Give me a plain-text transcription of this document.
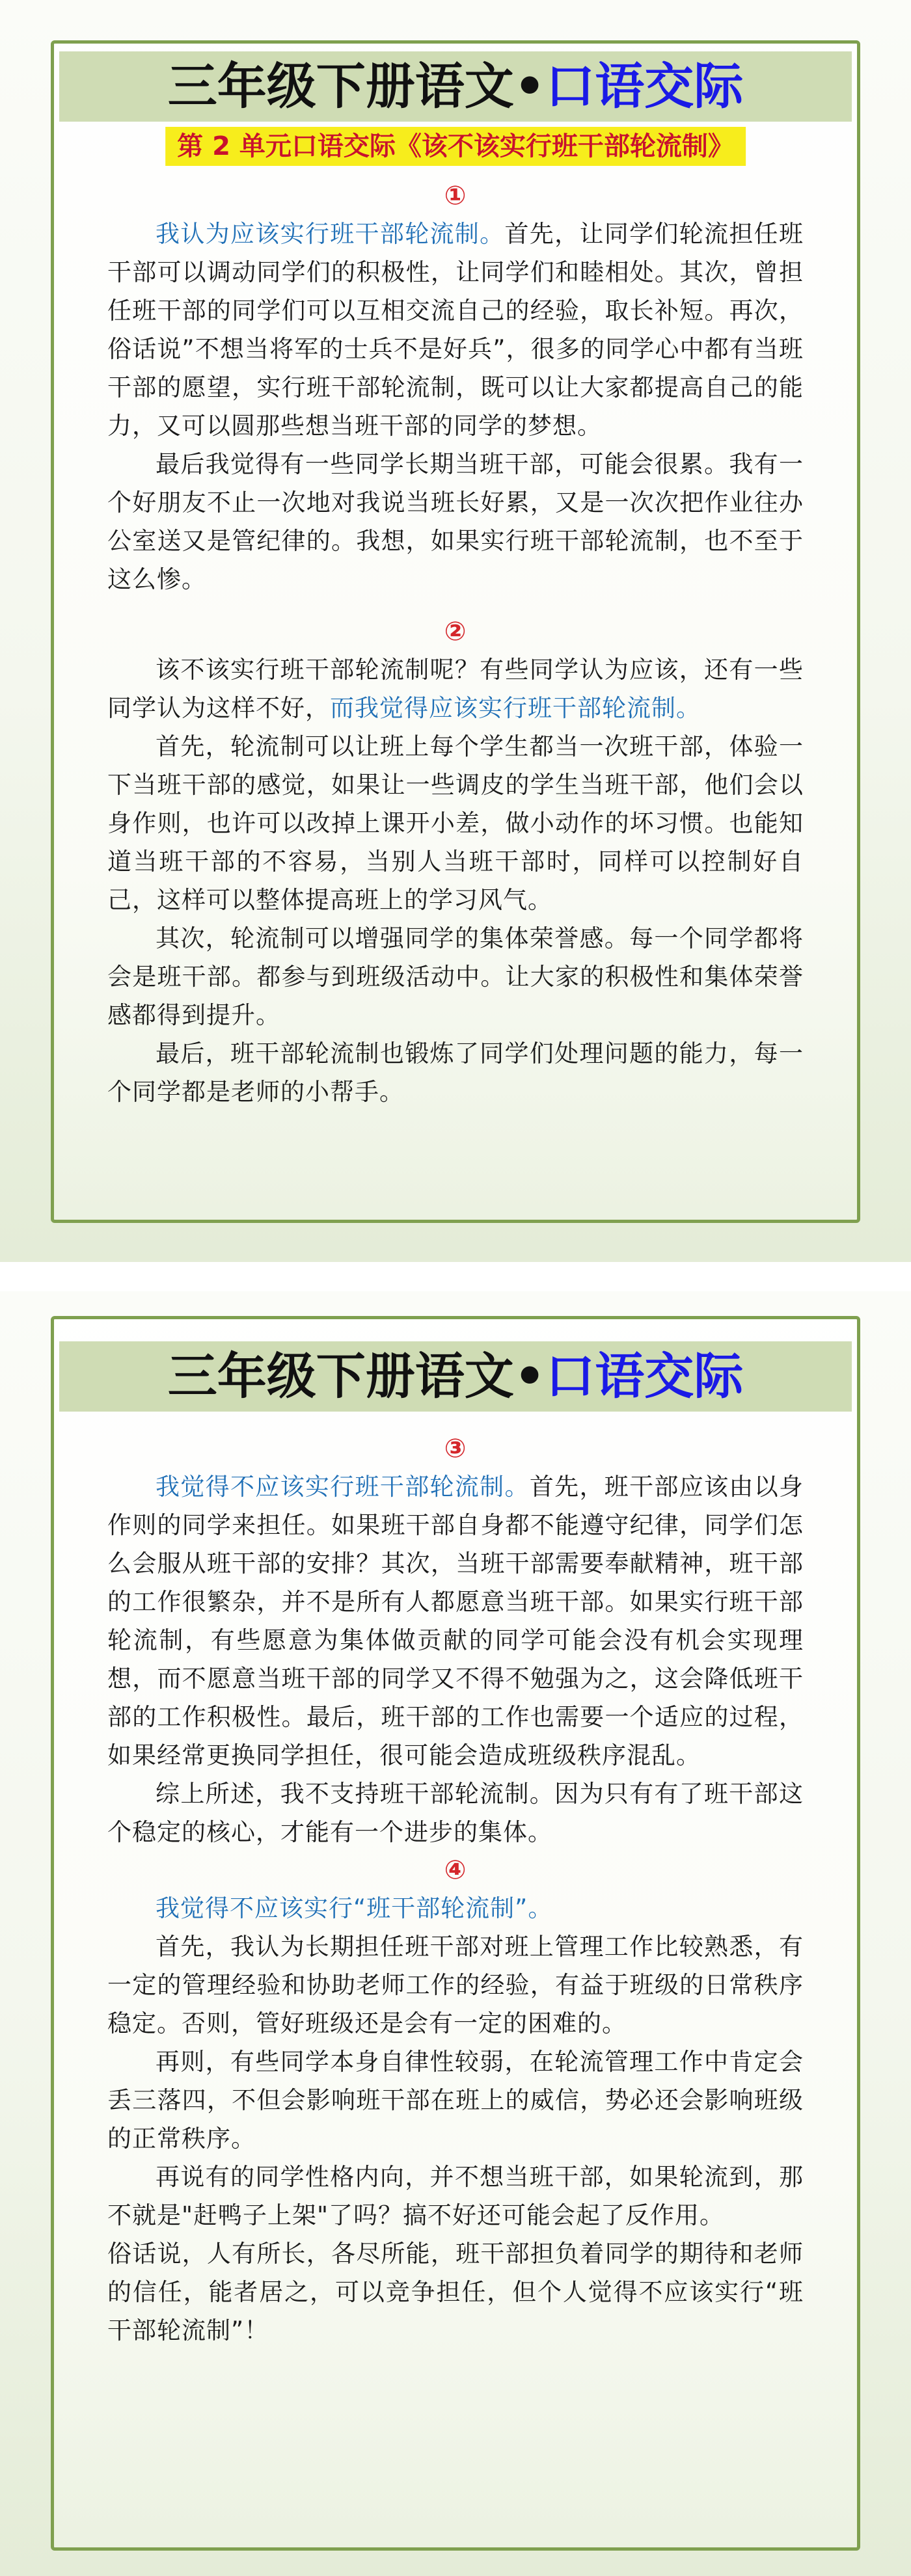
三年级下册语文•口语交际
第 2 单元口语交际《该不该实行班干部轮流制》
①

我认为应该实行班干部轮流制。首先，让同学们轮流担任班干部可以调动同学们的积极性，让同学们和睦相处。其次，曾担任班干部的同学们可以互相交流自己的经验，取长补短。再次，俗话说”不想当将军的士兵不是好兵”，很多的同学心中都有当班干部的愿望，实行班干部轮流制，既可以让大家都提高自己的能力，又可以圆那些想当班干部的同学的梦想。

最后我觉得有一些同学长期当班干部，可能会很累。我有一个好朋友不止一次地对我说当班长好累，又是一次次把作业往办公室送又是管纪律的。我想，如果实行班干部轮流制，也不至于这么惨。

②

该不该实行班干部轮流制呢？有些同学认为应该，还有一些同学认为这样不好，而我觉得应该实行班干部轮流制。

首先，轮流制可以让班上每个学生都当一次班干部，体验一下当班干部的感觉，如果让一些调皮的学生当班干部，他们会以身作则，也许可以改掉上课开小差，做小动作的坏习惯。也能知道当班干部的不容易，当别人当班干部时，同样可以控制好自己，这样可以整体提高班上的学习风气。

其次，轮流制可以增强同学的集体荣誉感。每一个同学都将会是班干部。都参与到班级活动中。让大家的积极性和集体荣誉感都得到提升。

最后，班干部轮流制也锻炼了同学们处理问题的能力，每一个同学都是老师的小帮手。

三年级下册语文•口语交际
③

我觉得不应该实行班干部轮流制。首先，班干部应该由以身作则的同学来担任。如果班干部自身都不能遵守纪律，同学们怎么会服从班干部的安排？其次，当班干部需要奉献精神，班干部的工作很繁杂，并不是所有人都愿意当班干部。如果实行班干部轮流制，有些愿意为集体做贡献的同学可能会没有机会实现理想，而不愿意当班干部的同学又不得不勉强为之，这会降低班干部的工作积极性。最后，班干部的工作也需要一个适应的过程，如果经常更换同学担任，很可能会造成班级秩序混乱。

综上所述，我不支持班干部轮流制。因为只有有了班干部这个稳定的核心，才能有一个进步的集体。

④

我觉得不应该实行“班干部轮流制”。

首先，我认为长期担任班干部对班上管理工作比较熟悉，有一定的管理经验和协助老师工作的经验，有益于班级的日常秩序稳定。否则，管好班级还是会有一定的困难的。

再则，有些同学本身自律性较弱，在轮流管理工作中肯定会丢三落四，不但会影响班干部在班上的威信，势必还会影响班级的正常秩序。

再说有的同学性格内向，并不想当班干部，如果轮流到，那不就是"赶鸭子上架"了吗？搞不好还可能会起了反作用。

俗话说，人有所长，各尽所能，班干部担负着同学的期待和老师的信任，能者居之，可以竞争担任，但个人觉得不应该实行“班干部轮流制”！
